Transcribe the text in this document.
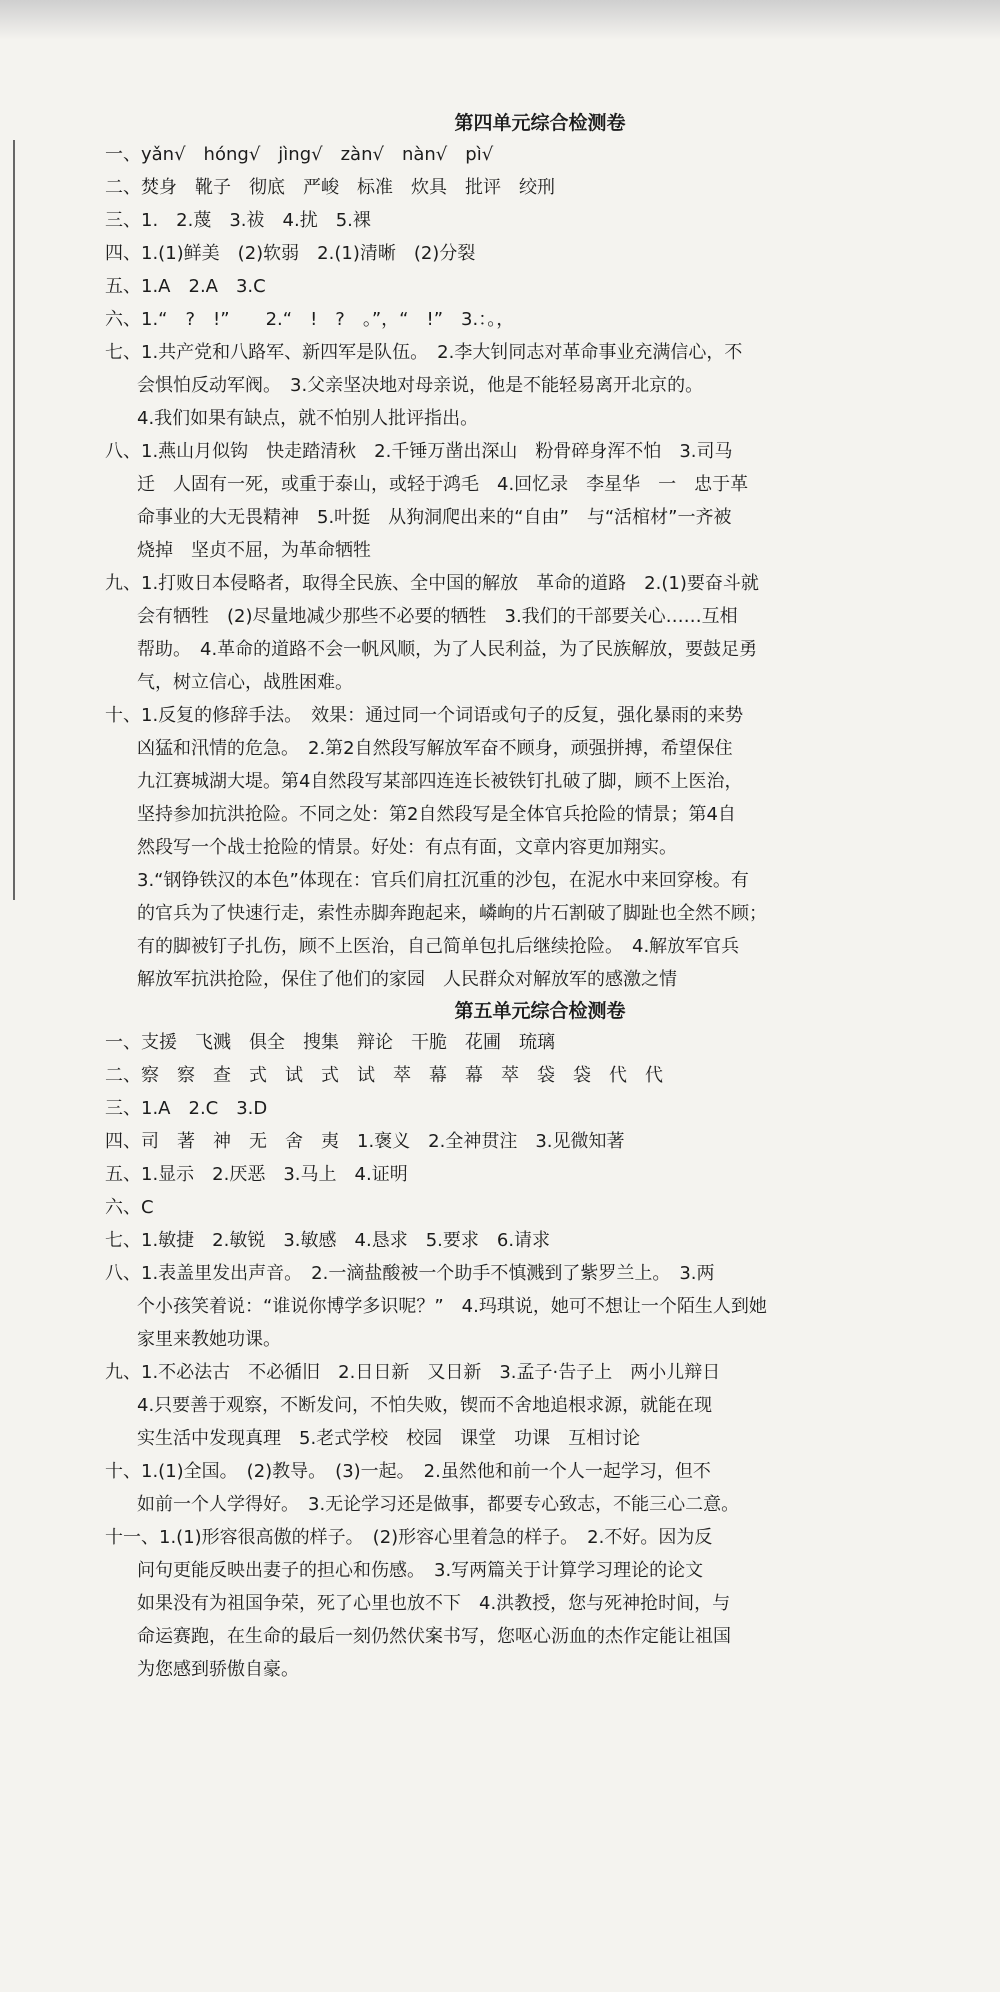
第四单元综合检测卷
一、yǎn√　hóng√　jìng√　zàn√　nàn√　pì√
二、焚身　靴子　彻底　严峻　标准　炊具　批评　绞刑
三、1.　2.蔑　3.祓　4.扰　5.裸
四、1.(1)鲜美　(2)软弱　2.(1)清晰　(2)分裂
五、1.A　2.A　3.C
六、1.“　?　!”　　2.“　!　?　。”，“　!”　3.：。，
七、1.共产党和八路军、新四军是队伍。　2.李大钊同志对革命事业充满信心，不
会惧怕反动军阀。　3.父亲坚决地对母亲说，他是不能轻易离开北京的。
4.我们如果有缺点，就不怕别人批评指出。
八、1.燕山月似钩　快走踏清秋　2.千锤万凿出深山　粉骨碎身浑不怕　3.司马
迁　人固有一死，或重于泰山，或轻于鸿毛　4.回忆录　李星华　一　忠于革
命事业的大无畏精神　5.叶挺　从狗洞爬出来的“自由”　与“活棺材”一齐被
烧掉　坚贞不屈，为革命牺牲
九、1.打败日本侵略者，取得全民族、全中国的解放　革命的道路　2.(1)要奋斗就
会有牺牲　(2)尽量地减少那些不必要的牺牲　3.我们的干部要关心……互相
帮助。　4.革命的道路不会一帆风顺，为了人民利益，为了民族解放，要鼓足勇
气，树立信心，战胜困难。
十、1.反复的修辞手法。　效果：通过同一个词语或句子的反复，强化暴雨的来势
凶猛和汛情的危急。　2.第2自然段写解放军奋不顾身，顽强拼搏，希望保住
九江赛城湖大堤。第4自然段写某部四连连长被铁钉扎破了脚，顾不上医治，
坚持参加抗洪抢险。不同之处：第2自然段写是全体官兵抢险的情景；第4自
然段写一个战士抢险的情景。好处：有点有面，文章内容更加翔实。
3.“钢铮铁汉的本色”体现在：官兵们肩扛沉重的沙包，在泥水中来回穿梭。有
的官兵为了快速行走，索性赤脚奔跑起来，嶙峋的片石割破了脚趾也全然不顾；
有的脚被钉子扎伤，顾不上医治，自己简单包扎后继续抢险。　4.解放军官兵
解放军抗洪抢险，保住了他们的家园　人民群众对解放军的感激之情
第五单元综合检测卷
一、支援　飞溅　俱全　搜集　辩论　干脆　花圃　琉璃
二、察　察　查　式　试　式　试　萃　幕　幕　萃　袋　袋　代　代
三、1.A　2.C　3.D
四、司　著　神　无　舍　夷　1.褒义　2.全神贯注　3.见微知著
五、1.显示　2.厌恶　3.马上　4.证明
六、C
七、1.敏捷　2.敏锐　3.敏感　4.恳求　5.要求　6.请求
八、1.表盖里发出声音。　2.一滴盐酸被一个助手不慎溅到了紫罗兰上。　3.两
个小孩笑着说：“谁说你博学多识呢？”　4.玛琪说，她可不想让一个陌生人到她
家里来教她功课。
九、1.不必法古　不必循旧　2.日日新　又日新　3.孟子·告子上　两小儿辩日
4.只要善于观察，不断发问，不怕失败，锲而不舍地追根求源，就能在现
实生活中发现真理　5.老式学校　校园　课堂　功课　互相讨论
十、1.(1)全国。　(2)教导。　(3)一起。　2.虽然他和前一个人一起学习，但不
如前一个人学得好。　3.无论学习还是做事，都要专心致志，不能三心二意。
十一、1.(1)形容很高傲的样子。　(2)形容心里着急的样子。　2.不好。因为反
问句更能反映出妻子的担心和伤感。　3.写两篇关于计算学习理论的论文
如果没有为祖国争荣，死了心里也放不下　4.洪教授，您与死神抢时间，与
命运赛跑，在生命的最后一刻仍然伏案书写，您呕心沥血的杰作定能让祖国
为您感到骄傲自豪。
